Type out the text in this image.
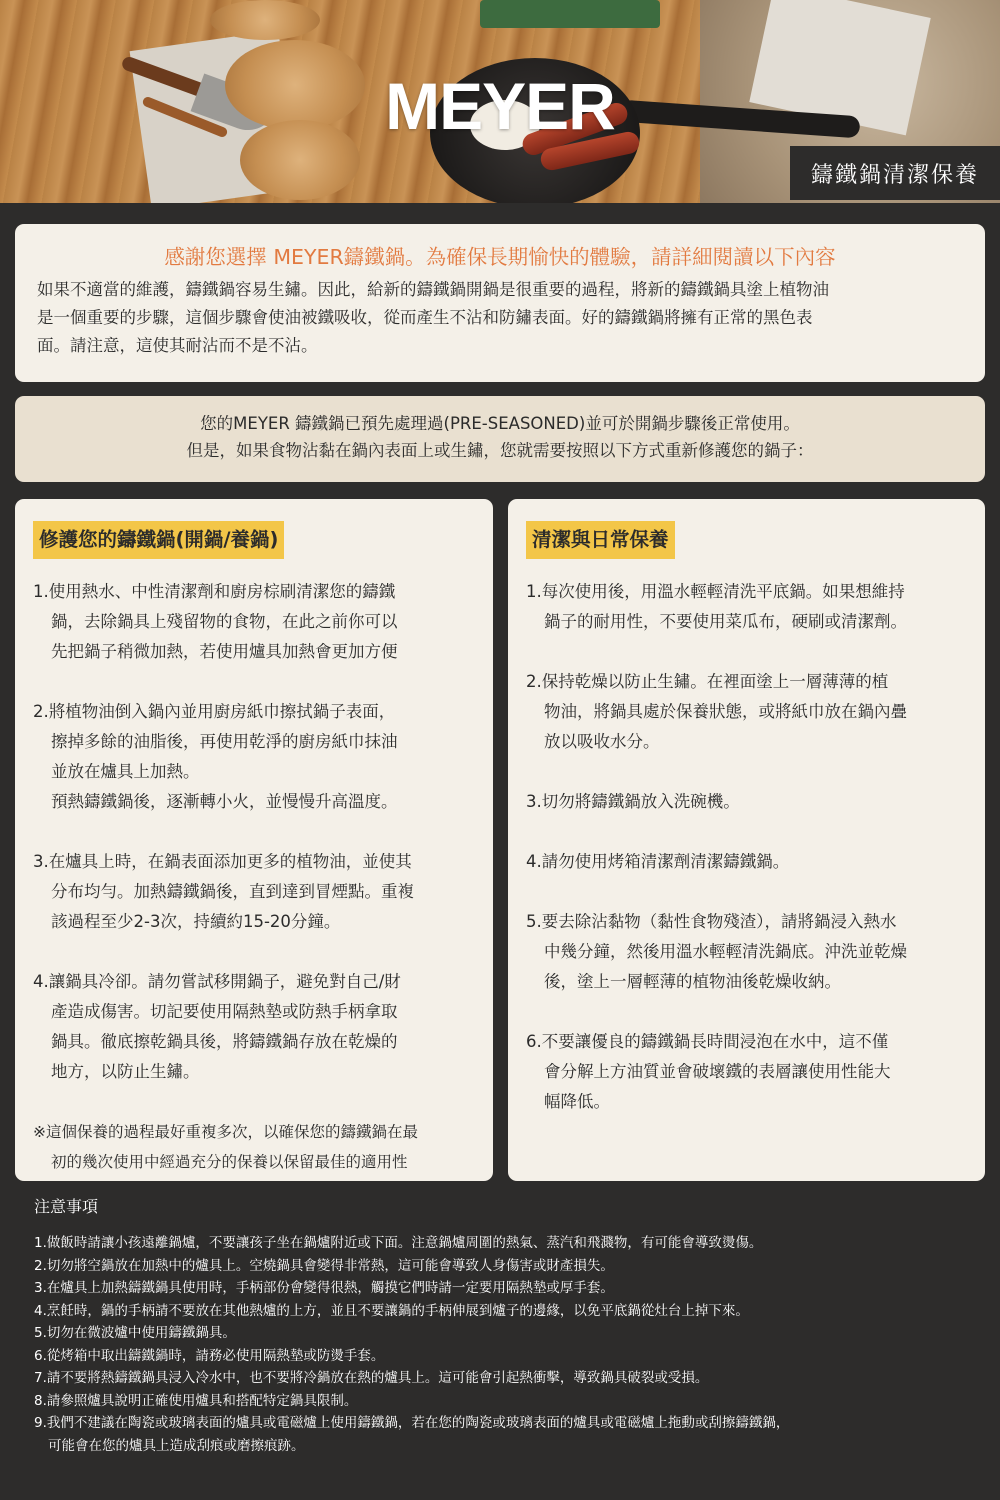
MEYER
鑄鐵鍋清潔保養
感謝您選擇 MEYER鑄鐵鍋。為確保長期愉快的體驗，請詳細閱讀以下內容
如果不適當的維護，鑄鐵鍋容易生鏽。因此，給新的鑄鐵鍋開鍋是很重要的過程，將新的鑄鐵鍋具塗上植物油
是一個重要的步驟，這個步驟會使油被鐵吸收，從而產生不沾和防鏽表面。好的鑄鐵鍋將擁有正常的黑色表
面。請注意，這使其耐沾而不是不沾。
您的MEYER 鑄鐵鍋已預先處理過(PRE-SEASONED)並可於開鍋步驟後正常使用。
但是，如果食物沾黏在鍋內表面上或生鏽，您就需要按照以下方式重新修護您的鍋子：
修護您的鑄鐵鍋(開鍋/養鍋)
1.使用熱水、中性清潔劑和廚房棕刷清潔您的鑄鐵
鍋，去除鍋具上殘留物的食物，在此之前你可以
先把鍋子稍微加熱，若使用爐具加熱會更加方便
2.將植物油倒入鍋內並用廚房紙巾擦拭鍋子表面，
擦掉多餘的油脂後，再使用乾淨的廚房紙巾抹油
並放在爐具上加熱。
預熱鑄鐵鍋後，逐漸轉小火，並慢慢升高溫度。
3.在爐具上時，在鍋表面添加更多的植物油，並使其
分布均勻。加熱鑄鐵鍋後，直到達到冒煙點。重複
該過程至少2-3次，持續約15-20分鐘。
4.讓鍋具冷卻。請勿嘗試移開鍋子，避免對自己/財
產造成傷害。切記要使用隔熱墊或防熱手柄拿取
鍋具。徹底擦乾鍋具後，將鑄鐵鍋存放在乾燥的
地方，以防止生鏽。
※這個保養的過程最好重複多次，以確保您的鑄鐵鍋在最
初的幾次使用中經過充分的保養以保留最佳的適用性
清潔與日常保養
1.每次使用後，用溫水輕輕清洗平底鍋。如果想維持
鍋子的耐用性，不要使用菜瓜布，硬刷或清潔劑。
2.保持乾燥以防止生鏽。在裡面塗上一層薄薄的植
物油，將鍋具處於保養狀態，或將紙巾放在鍋內疊
放以吸收水分。
3.切勿將鑄鐵鍋放入洗碗機。
4.請勿使用烤箱清潔劑清潔鑄鐵鍋。
5.要去除沾黏物（黏性食物殘渣），請將鍋浸入熱水
中幾分鐘，然後用溫水輕輕清洗鍋底。沖洗並乾燥
後，塗上一層輕薄的植物油後乾燥收納。
6.不要讓優良的鑄鐵鍋長時間浸泡在水中，這不僅
會分解上方油質並會破壞鐵的表層讓使用性能大
幅降低。
注意事項
1.做飯時請讓小孩遠離鍋爐，不要讓孩子坐在鍋爐附近或下面。注意鍋爐周圍的熱氣、蒸汽和飛濺物，有可能會導致燙傷。
2.切勿將空鍋放在加熱中的爐具上。空燒鍋具會變得非常熱，這可能會導致人身傷害或財產損失。
3.在爐具上加熱鑄鐵鍋具使用時，手柄部份會變得很熱，觸摸它們時請一定要用隔熱墊或厚手套。
4.烹飪時，鍋的手柄請不要放在其他熱爐的上方，並且不要讓鍋的手柄伸展到爐子的邊緣，以免平底鍋從灶台上掉下來。
5.切勿在微波爐中使用鑄鐵鍋具。
6.從烤箱中取出鑄鐵鍋時，請務必使用隔熱墊或防燙手套。
7.請不要將熱鑄鐵鍋具浸入冷水中，也不要將冷鍋放在熱的爐具上。這可能會引起熱衝擊，導致鍋具破裂或受損。
8.請參照爐具說明正確使用爐具和搭配特定鍋具限制。
9.我們不建議在陶瓷或玻璃表面的爐具或電磁爐上使用鑄鐵鍋，若在您的陶瓷或玻璃表面的爐具或電磁爐上拖動或刮擦鑄鐵鍋，
可能會在您的爐具上造成刮痕或磨擦痕跡。
